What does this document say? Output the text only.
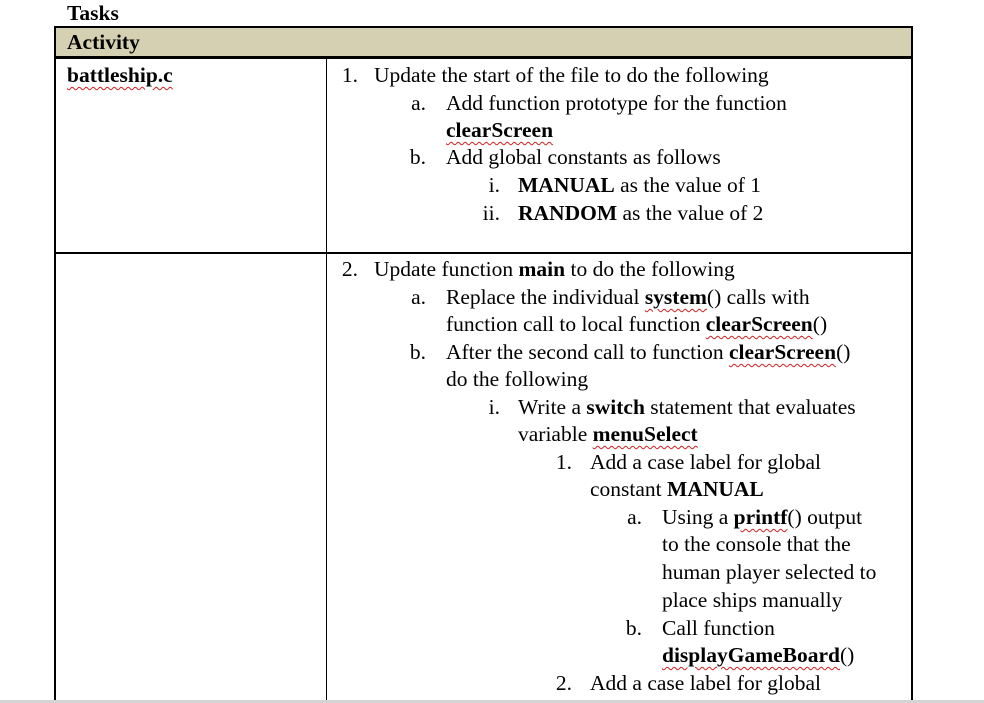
Tasks
Activity
battleship.c	1. Update the start of the file to do the following
a. Add function prototype for the function
clearScreen
b. Add global constants as follows
i. MANUAL as the value of 1
ii. RANDOM as the value of 2
2. Update function main to do the following
a. Replace the individual system() calls with
function call to local function clearScreen()
b. After the second call to function clearScreen()
do the following
i. Write a switch statement that evaluates
variable menuSelect
1. Add a case label for global
constant MANUAL
a. Using a printf() output
to the console that the
human player selected to
place ships manually
b. Call function
displayGameBoard()
2. Add a case label for global
